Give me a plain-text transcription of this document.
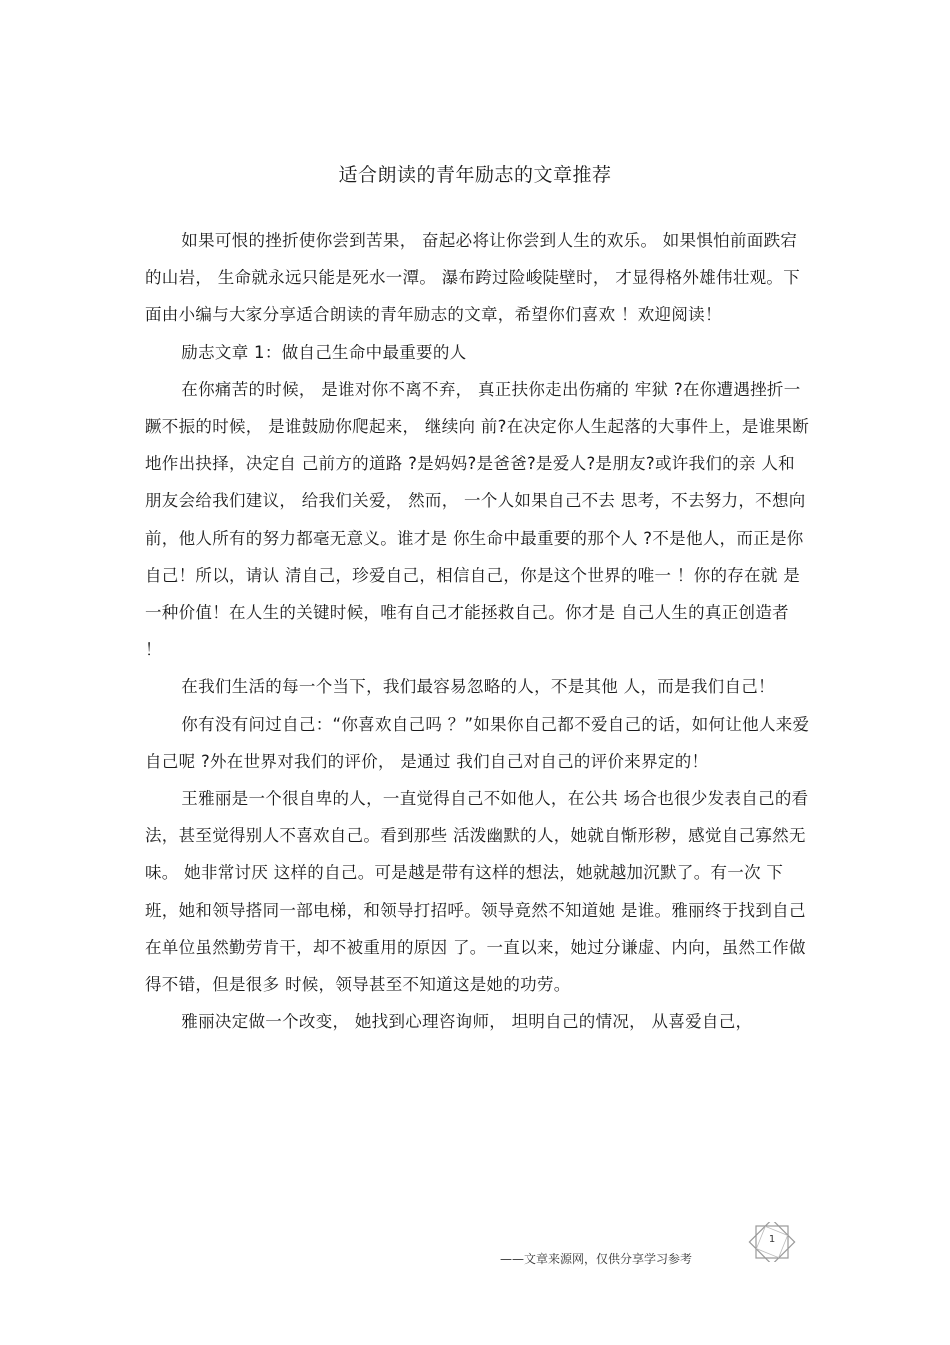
适合朗读的青年励志的文章推荐

如果可恨的挫折使你尝到苦果， 奋起必将让你尝到人生的欢乐。 如果惧怕前面跌宕的山岩， 生命就永远只能是死水一潭。 瀑布跨过险峻陡壁时， 才显得格外雄伟壮观。下面由小编与大家分享适合朗读的青年励志的文章，希望你们喜欢 ！欢迎阅读！

励志文章 1：做自己生命中最重要的人

在你痛苦的时候， 是谁对你不离不弃， 真正扶你走出伤痛的 牢狱 ?在你遭遇挫折一蹶不振的时候， 是谁鼓励你爬起来， 继续向 前?在决定你人生起落的大事件上，是谁果断地作出抉择，决定自 己前方的道路 ?是妈妈?是爸爸?是爱人?是朋友?或许我们的亲 人和朋友会给我们建议， 给我们关爱， 然而， 一个人如果自己不去 思考，不去努力，不想向前，他人所有的努力都毫无意义。谁才是 你生命中最重要的那个人 ?不是他人，而正是你自己！所以，请认 清自己，珍爱自己，相信自己，你是这个世界的唯一 ！你的存在就 是一种价值！在人生的关键时候，唯有自己才能拯救自己。你才是 自己人生的真正创造者 ！

在我们生活的每一个当下，我们最容易忽略的人，不是其他 人，而是我们自己！

你有没有问过自己：“你喜欢自己吗 ？”如果你自己都不爱自己的话，如何让他人来爱自己呢 ?外在世界对我们的评价， 是通过 我们自己对自己的评价来界定的！

王雅丽是一个很自卑的人，一直觉得自己不如他人，在公共 场合也很少发表自己的看法，甚至觉得别人不喜欢自己。看到那些 活泼幽默的人，她就自惭形秽，感觉自己寡然无味。 她非常讨厌 这样的自己。可是越是带有这样的想法，她就越加沉默了。有一次 下班，她和领导搭同一部电梯，和领导打招呼。领导竟然不知道她 是谁。雅丽终于找到自己在单位虽然勤劳肯干，却不被重用的原因 了。一直以来，她过分谦虚、内向，虽然工作做得不错，但是很多 时候，领导甚至不知道这是她的功劳。

雅丽决定做一个改变， 她找到心理咨询师， 坦明自己的情况， 从喜爱自己，

1
——文章来源网，仅供分享学习参考
